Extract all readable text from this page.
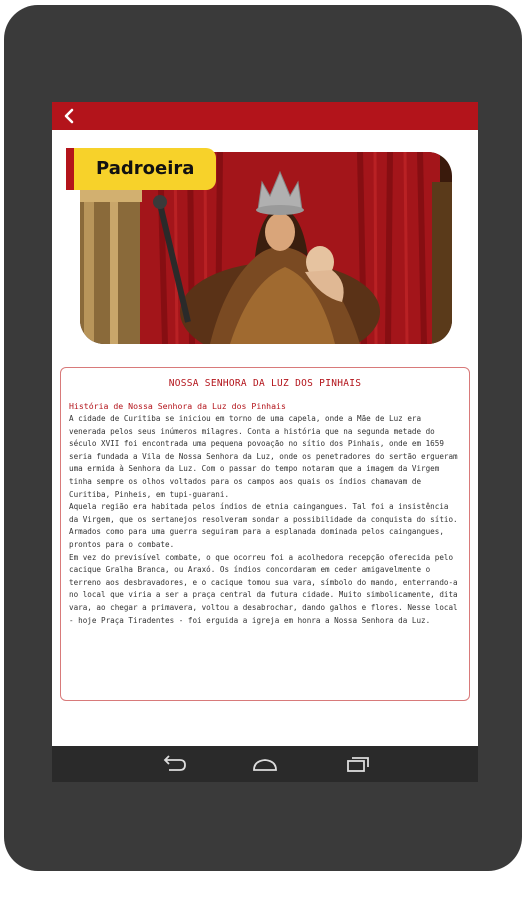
NOSSA SENHORA DA LUZ DOS PINHAIS
História de Nossa Senhora da Luz dos Pinhais
A cidade de Curitiba se iniciou em torno de uma capela, onde a Mãe de Luz era venerada pelos seus inúmeros milagres. Conta a história que na segunda metade do século XVII foi encontrada uma pequena povoação no sítio dos Pinhais, onde em 1659 seria fundada a Vila de Nossa Senhora da Luz, onde os penetradores do sertão ergueram uma ermida à Senhora da Luz. Com o passar do tempo notaram que a imagem da Virgem tinha sempre os olhos voltados para os campos aos quais os índios chamavam de Curitiba, Pinheis, em tupi-guarani.
Aquela região era habitada pelos índios de etnia caingangues. Tal foi a insistência da Virgem, que os sertanejos resolveram sondar a possibilidade da conquista do sítio. Armados como para uma guerra seguiram para a esplanada dominada pelos caingangues, prontos para o combate.
Em vez do previsível combate, o que ocorreu foi a acolhedora recepção oferecida pelo cacique Gralha Branca, ou Araxó. Os índios concordaram em ceder amigavelmente o terreno aos desbravadores, e o cacique tomou sua vara, símbolo do mando, enterrando-a no local que viria a ser a praça central da futura cidade. Muito simbolicamente, dita vara, ao chegar a primavera, voltou a desabrochar, dando galhos e flores. Nesse local - hoje Praça Tiradentes - foi erguida a igreja em honra a Nossa Senhora da Luz.
Padroeira
